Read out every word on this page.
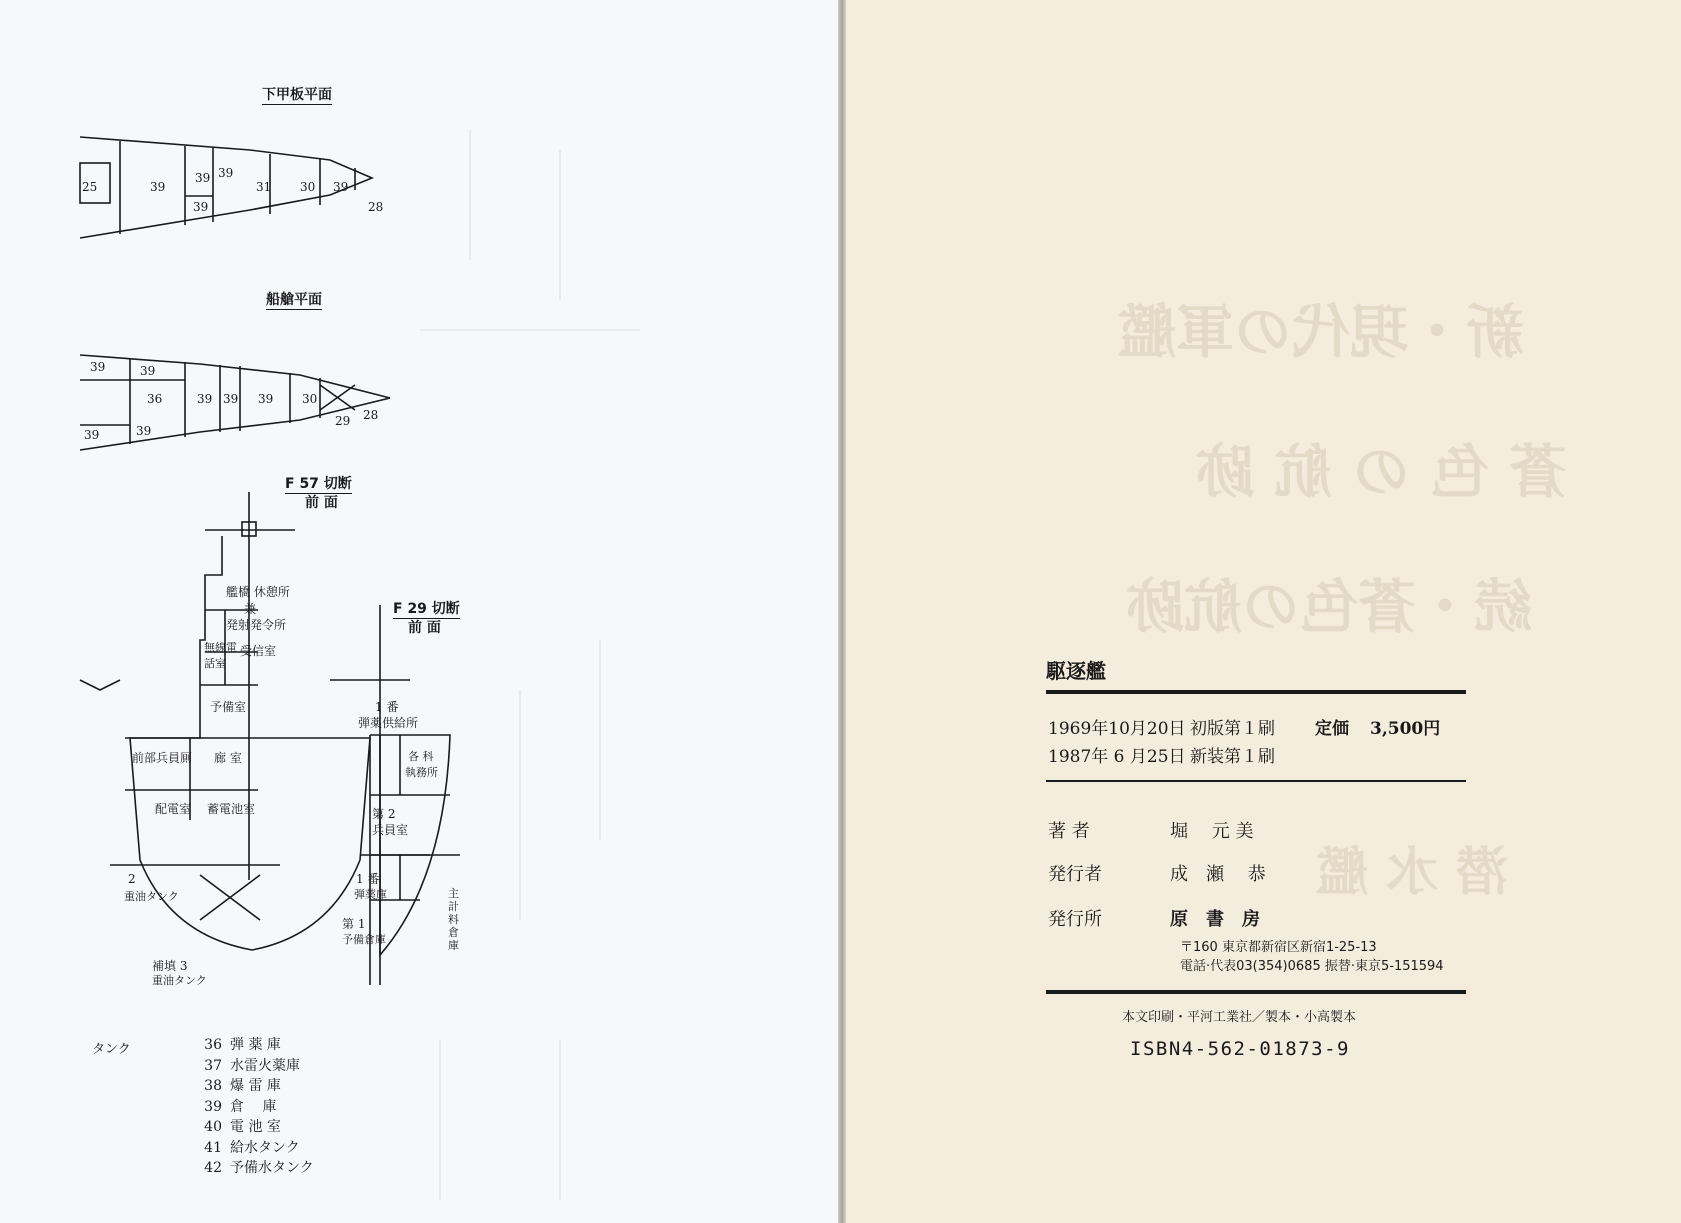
下甲板平面
船艙平面
F 57 切断
前 面
F 29 切断
前 面
25	39
39 39
39
31 30 39
28
39	39
36	39 39 39 30
28
29
39	39
艦橋 休憩所
兼
発射発令所
無線電話室
受信室
予備室
前部兵員厠 廊 室
配電室 蓄電池室
2
重油タンク
補填 3
重油タンク
1 番
弾薬供給所
各 科
執務所
第 2
兵員室
1 番
弾薬庫	主
計
料
倉
庫
第 1
予備倉庫
タンク	36 弾 薬 庫
37 水雷火薬庫
38 爆 雷 庫
39 倉　 庫
40 電 池 室
41 給水タンク
42 予備水タンク
新・現代の軍艦
蒼 色 の 航 跡
続・蒼色の航跡
潜 水 艦
駆逐艦
1969年10月20日 初版第１刷 定価 3,500円
1987年 6 月25日 新装第１刷
著 者	堀　 元 美
発行者	成　瀬　 恭
発行所	原　書　房
〒160 東京都新宿区新宿1-25-13
電話·代表03(354)0685 振替·東京5-151594
本文印刷・平河工業社／製本・小高製本
ISBN4-562-01873-9
